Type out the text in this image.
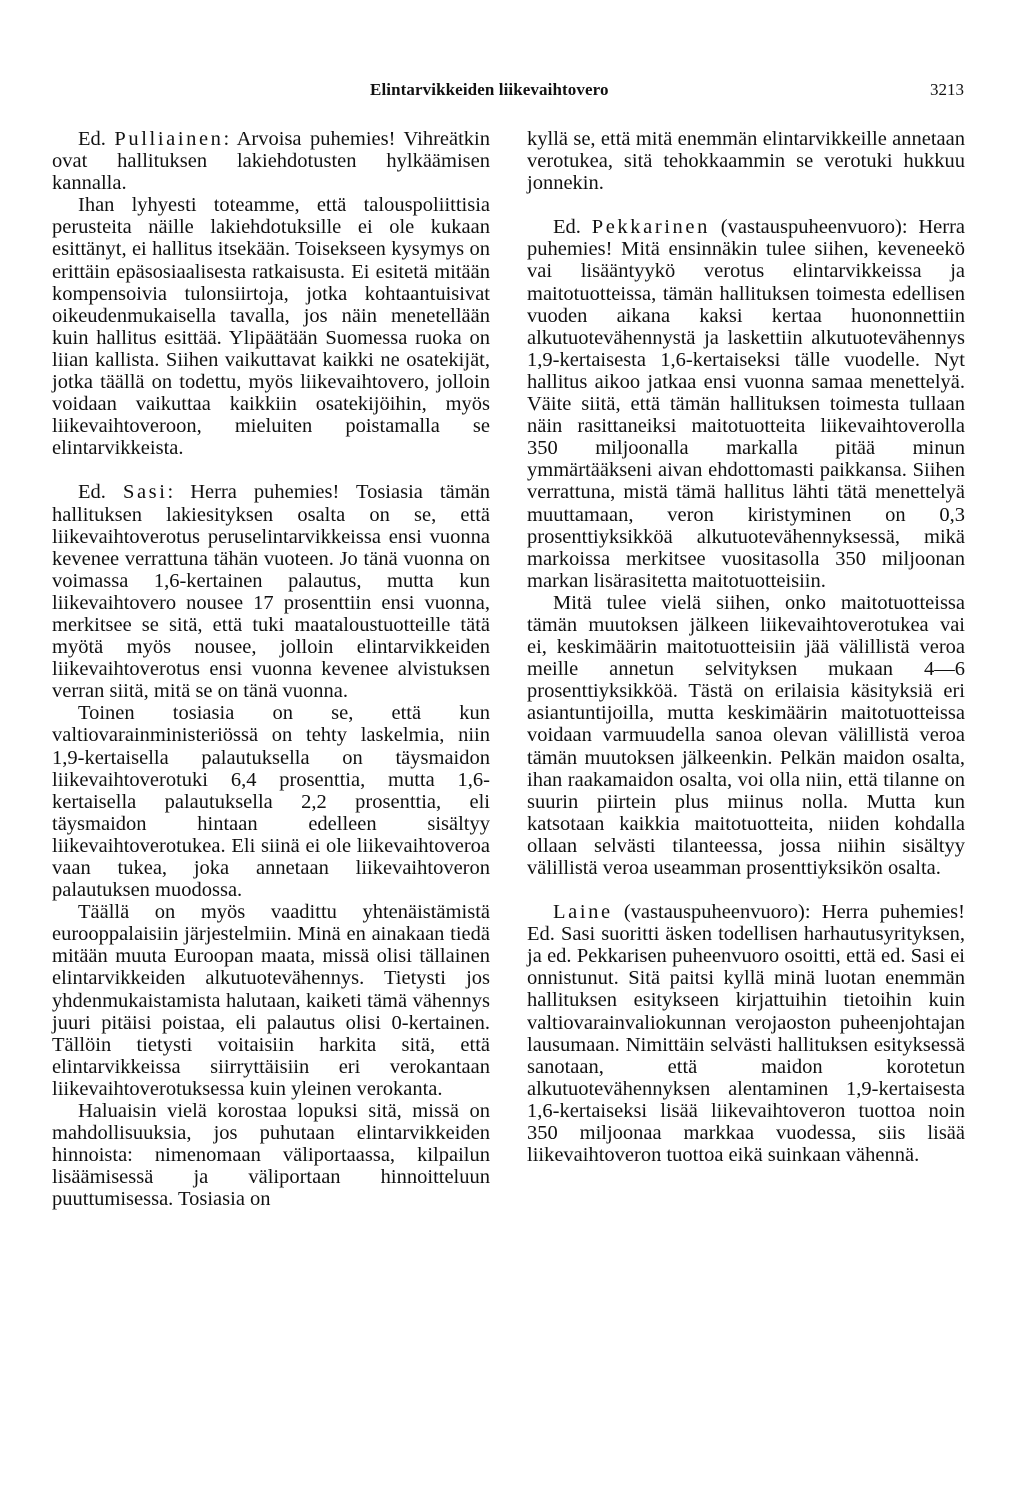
Elintarvikkeiden liikevaihtovero	3213

Ed. Pulliainen: Arvoisa puhemies! Vihreätkin ovat hallituksen lakiehdotusten hylkäämisen kannalla.

Ihan lyhyesti toteamme, että talouspoliittisia perusteita näille lakiehdotuksille ei ole kukaan esittänyt, ei hallitus itsekään. Toisekseen kysymys on erittäin epäsosiaalisesta ratkaisusta. Ei esitetä mitään kompensoivia tulonsiirtoja, jotka kohtaantuisivat oikeudenmukaisella tavalla, jos näin menetellään kuin hallitus esittää. Ylipäätään Suomessa ruoka on liian kallista. Siihen vaikuttavat kaikki ne osatekijät, jotka täällä on todettu, myös liikevaihtovero, jolloin voidaan vaikuttaa kaikkiin osatekijöihin, myös liikevaihtoveroon, mieluiten poistamalla se elintarvikkeista.

Ed. Sasi: Herra puhemies! Tosiasia tämän hallituksen lakiesityksen osalta on se, että liikevaihtoverotus peruselintarvikkeissa ensi vuonna kevenee verrattuna tähän vuoteen. Jo tänä vuonna on voimassa 1,6-kertainen palautus, mutta kun liikevaihtovero nousee 17 prosenttiin ensi vuonna, merkitsee se sitä, että tuki maataloustuotteille tätä myötä myös nousee, jolloin elintarvikkeiden liikevaihtoverotus ensi vuonna kevenee alvistuksen verran siitä, mitä se on tänä vuonna.

Toinen tosiasia on se, että kun valtiovarainministeriössä on tehty laskelmia, niin 1,9-kertaisella palautuksella on täysmaidon liikevaihtoverotuki 6,4 prosenttia, mutta 1,6-kertaisella palautuksella 2,2 prosenttia, eli täysmaidon hintaan edelleen sisältyy liikevaihtoverotukea. Eli siinä ei ole liikevaihtoveroa vaan tukea, joka annetaan liikevaihtoveron palautuksen muodossa.

Täällä on myös vaadittu yhtenäistämistä eurooppalaisiin järjestelmiin. Minä en ainakaan tiedä mitään muuta Euroopan maata, missä olisi tällainen elintarvikkeiden alkutuotevähennys. Tietysti jos yhdenmukaistamista halutaan, kaiketi tämä vähennys juuri pitäisi poistaa, eli palautus olisi 0-kertainen. Tällöin tietysti voitaisiin harkita sitä, että elintarvikkeissa siirryttäisiin eri verokantaan liikevaihtoverotuksessa kuin yleinen verokanta.

Haluaisin vielä korostaa lopuksi sitä, missä on mahdollisuuksia, jos puhutaan elintarvikkeiden hinnoista: nimenomaan väliportaassa, kilpailun lisäämisessä ja väliportaan hinnoitteluun puuttumisessa. Tosiasia on

kyllä se, että mitä enemmän elintarvikkeille annetaan verotukea, sitä tehokkaammin se verotuki hukkuu jonnekin.

Ed. Pekkarinen (vastauspuheenvuoro): Herra puhemies! Mitä ensinnäkin tulee siihen, keveneekö vai lisääntyykö verotus elintarvikkeissa ja maitotuotteissa, tämän hallituksen toimesta edellisen vuoden aikana kaksi kertaa huononnettiin alkutuotevähennystä ja laskettiin alkutuotevähennys 1,9-kertaisesta 1,6-kertaiseksi tälle vuodelle. Nyt hallitus aikoo jatkaa ensi vuonna samaa menettelyä. Väite siitä, että tämän hallituksen toimesta tullaan näin rasittaneiksi maitotuotteita liikevaihtoverolla 350 miljoonalla markalla pitää minun ymmärtääkseni aivan ehdottomasti paikkansa. Siihen verrattuna, mistä tämä hallitus lähti tätä menettelyä muuttamaan, veron kiristyminen on 0,3 prosenttiyksikköä alkutuotevähennyksessä, mikä markoissa merkitsee vuositasolla 350 miljoonan markan lisärasitetta maitotuotteisiin.

Mitä tulee vielä siihen, onko maitotuotteissa tämän muutoksen jälkeen liikevaihtoverotukea vai ei, keskimäärin maitotuotteisiin jää välillistä veroa meille annetun selvityksen mukaan 4—6 prosenttiyksikköä. Tästä on erilaisia käsityksiä eri asiantuntijoilla, mutta keskimäärin maitotuotteissa voidaan varmuudella sanoa olevan välillistä veroa tämän muutoksen jälkeenkin. Pelkän maidon osalta, ihan raakamaidon osalta, voi olla niin, että tilanne on suurin piirtein plus miinus nolla. Mutta kun katsotaan kaikkia maitotuotteita, niiden kohdalla ollaan selvästi tilanteessa, jossa niihin sisältyy välillistä veroa useamman prosenttiyksikön osalta.

Laine (vastauspuheenvuoro): Herra puhemies! Ed. Sasi suoritti äsken todellisen harhautusyrityksen, ja ed. Pekkarisen puheenvuoro osoitti, että ed. Sasi ei onnistunut. Sitä paitsi kyllä minä luotan enemmän hallituksen esitykseen kirjattuihin tietoihin kuin valtiovarainvaliokunnan verojaoston puheenjohtajan lausumaan. Nimittäin selvästi hallituksen esityksessä sanotaan, että maidon korotetun alkutuotevähennyksen alentaminen 1,9-kertaisesta 1,6-kertaiseksi lisää liikevaihtoveron tuottoa noin 350 miljoonaa markkaa vuodessa, siis lisää liikevaihtoveron tuottoa eikä suinkaan vähennä.
